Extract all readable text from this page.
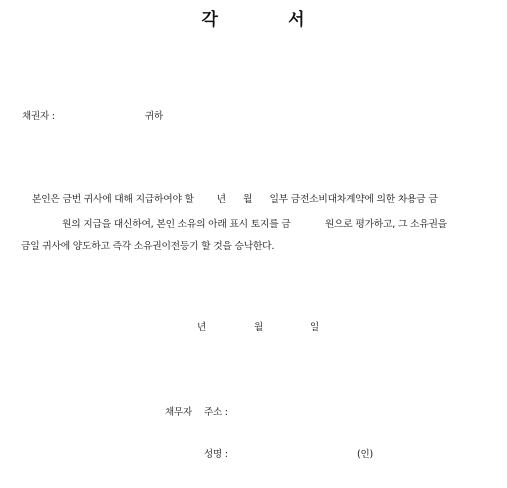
각          서
채권자 :	귀하
본인은 금번 귀사에 대해 지급하여야 할        년      월      일부 금전소비대차계약에 의한 차용금 금
원의 지급을 대신하여, 본인 소유의 아래 표시 토지를 금            원으로 평가하고, 그 소유권을
금일 귀사에 양도하고 즉각 소유권이전등기 할 것을 승낙한다.
년	월	일
채무자 주소 :
성명 :	(인)
